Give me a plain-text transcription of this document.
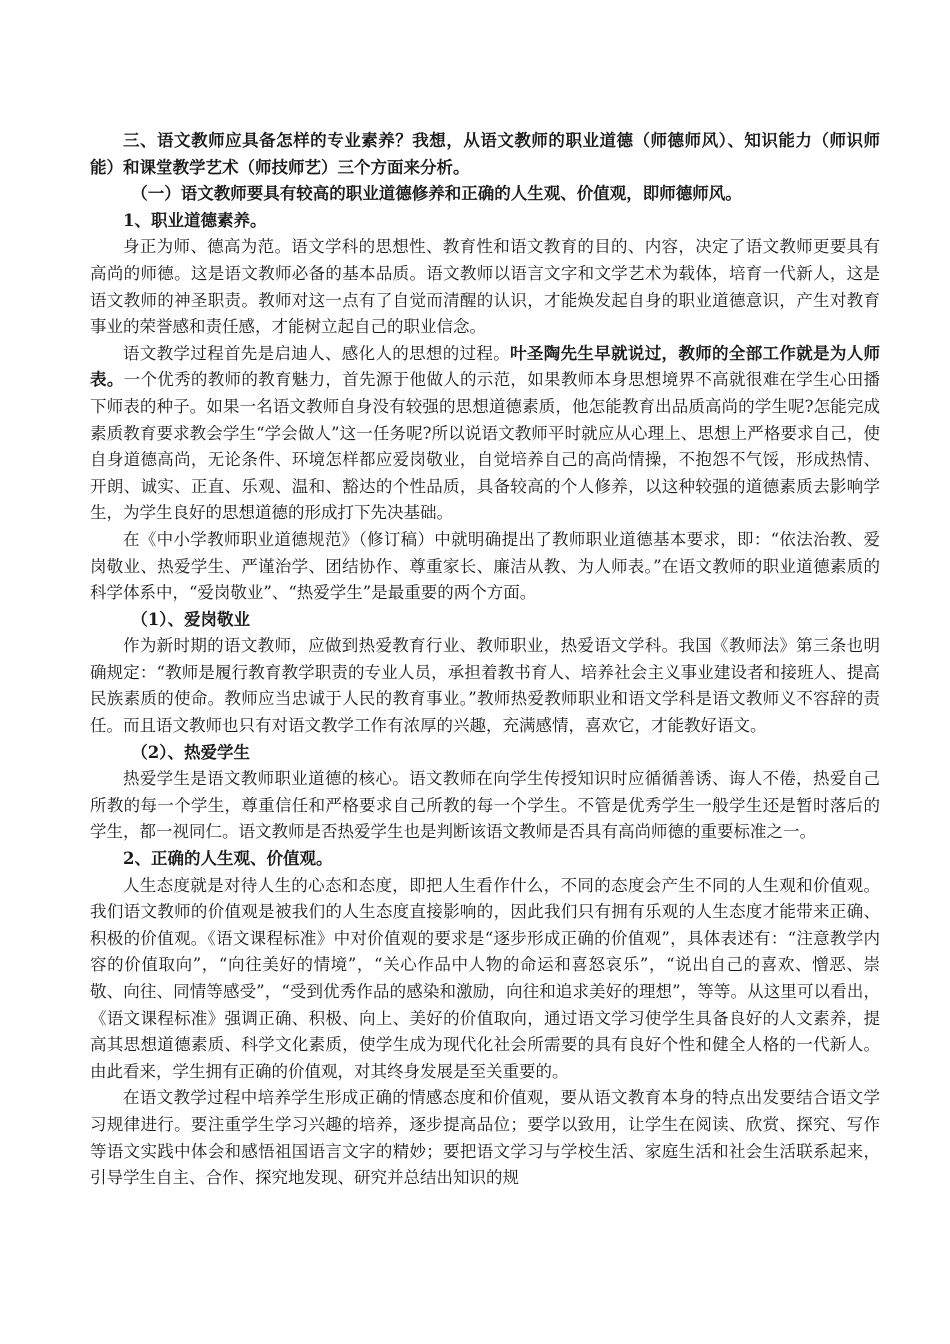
三、语文教师应具备怎样的专业素养？我想，从语文教师的职业道德（师德师风）、知识能力（师识师能）和课堂教学艺术（师技师艺）三个方面来分析。

（一）语文教师要具有较高的职业道德修养和正确的人生观、价值观，即师德师风。

1、职业道德素养。

身正为师、德高为范。语文学科的思想性、教育性和语文教育的目的、内容，决定了语文教师更要具有高尚的师德。这是语文教师必备的基本品质。语文教师以语言文字和文学艺术为载体，培育一代新人，这是语文教师的神圣职责。教师对这一点有了自觉而清醒的认识，才能焕发起自身的职业道德意识，产生对教育事业的荣誉感和责任感，才能树立起自己的职业信念。

语文教学过程首先是启迪人、感化人的思想的过程。叶圣陶先生早就说过，教师的全部工作就是为人师表。一个优秀的教师的教育魅力，首先源于他做人的示范，如果教师本身思想境界不高就很难在学生心田播下师表的种子。如果一名语文教师自身没有较强的思想道德素质，他怎能教育出品质高尚的学生呢?怎能完成素质教育要求教会学生“学会做人”这一任务呢?所以说语文教师平时就应从心理上、思想上严格要求自己，使自身道德高尚，无论条件、环境怎样都应爱岗敬业，自觉培养自己的高尚情操，不抱怨不气馁，形成热情、开朗、诚实、正直、乐观、温和、豁达的个性品质，具备较高的个人修养，以这种较强的道德素质去影响学生，为学生良好的思想道德的形成打下先决基础。

在《中小学教师职业道德规范》（修订稿）中就明确提出了教师职业道德基本要求，即：“依法治教、爱岗敬业、热爱学生、严谨治学、团结协作、尊重家长、廉洁从教、为人师表。”在语文教师的职业道德素质的科学体系中，“爱岗敬业”、“热爱学生”是最重要的两个方面。

（1）、爱岗敬业

作为新时期的语文教师，应做到热爱教育行业、教师职业，热爱语文学科。我国《教师法》第三条也明确规定：“教师是履行教育教学职责的专业人员，承担着教书育人、培养社会主义事业建设者和接班人、提高民族素质的使命。教师应当忠诚于人民的教育事业。”教师热爱教师职业和语文学科是语文教师义不容辞的责任。而且语文教师也只有对语文教学工作有浓厚的兴趣，充满感情，喜欢它，才能教好语文。

（2）、热爱学生

热爱学生是语文教师职业道德的核心。语文教师在向学生传授知识时应循循善诱、诲人不倦，热爱自己所教的每一个学生，尊重信任和严格要求自己所教的每一个学生。不管是优秀学生一般学生还是暂时落后的学生，都一视同仁。语文教师是否热爱学生也是判断该语文教师是否具有高尚师德的重要标准之一。

2、正确的人生观、价值观。

人生态度就是对待人生的心态和态度，即把人生看作什么，不同的态度会产生不同的人生观和价值观。我们语文教师的价值观是被我们的人生态度直接影响的，因此我们只有拥有乐观的人生态度才能带来正确、积极的价值观。《语文课程标准》中对价值观的要求是“逐步形成正确的价值观”，具体表述有：“注意教学内容的价值取向”，“向往美好的情境”，“关心作品中人物的命运和喜怒哀乐”，“说出自己的喜欢、憎恶、崇敬、向往、同情等感受”，“受到优秀作品的感染和激励，向往和追求美好的理想”，等等。从这里可以看出，《语文课程标准》强调正确、积极、向上、美好的价值取向，通过语文学习使学生具备良好的人文素养，提高其思想道德素质、科学文化素质，使学生成为现代化社会所需要的具有良好个性和健全人格的一代新人。由此看来，学生拥有正确的价值观，对其终身发展是至关重要的。

在语文教学过程中培养学生形成正确的情感态度和价值观，要从语文教育本身的特点出发要结合语文学习规律进行。要注重学生学习兴趣的培养，逐步提高品位；要学以致用，让学生在阅读、欣赏、探究、写作等语文实践中体会和感悟祖国语言文字的精妙；要把语文学习与学校生活、家庭生活和社会生活联系起来，引导学生自主、合作、探究地发现、研究并总结出知识的规
